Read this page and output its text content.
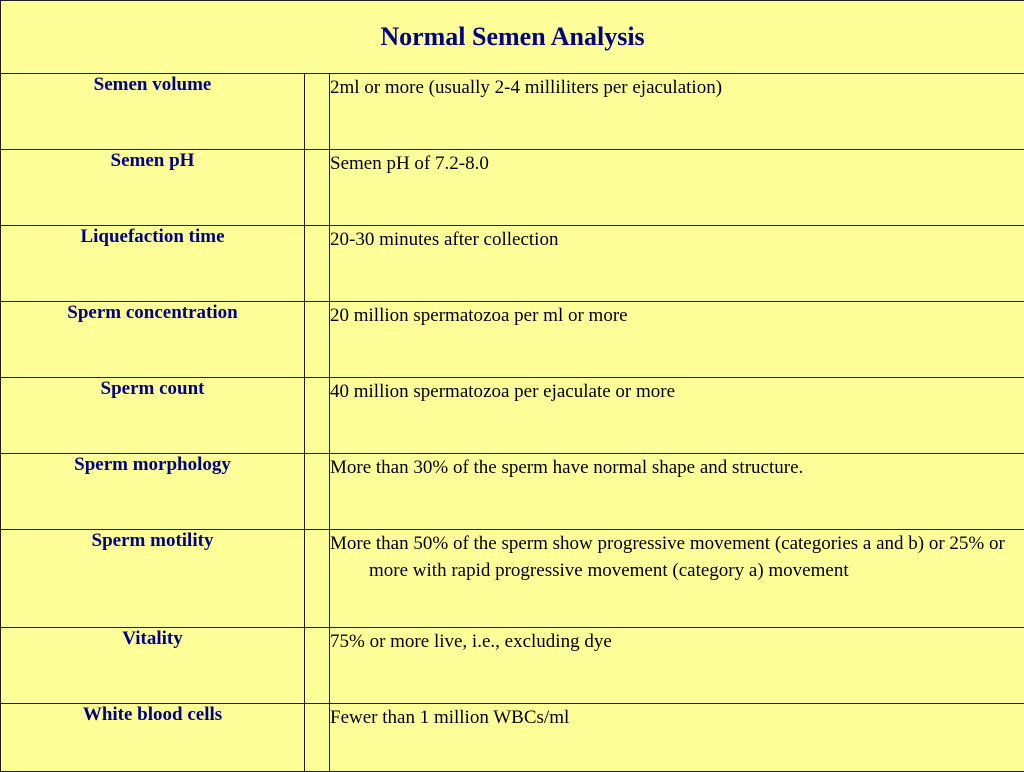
Normal Semen Analysis		
Semen volume		2ml or more (usually 2-4 milliliters per ejaculation)
Semen pH		Semen pH of 7.2-8.0
Liquefaction time		20-30 minutes after collection
Sperm concentration		20 million spermatozoa per ml or more
Sperm count		40 million spermatozoa per ejaculate or more
Sperm morphology		More than 30% of the sperm have normal shape and structure.
Sperm motility		More than 50% of the sperm show progressive movement (categories a and b) or 25% or more with rapid progressive movement (category a) movement

Vitality		75% or more live, i.e., excluding dye
White blood cells		Fewer than 1 million WBCs/ml
